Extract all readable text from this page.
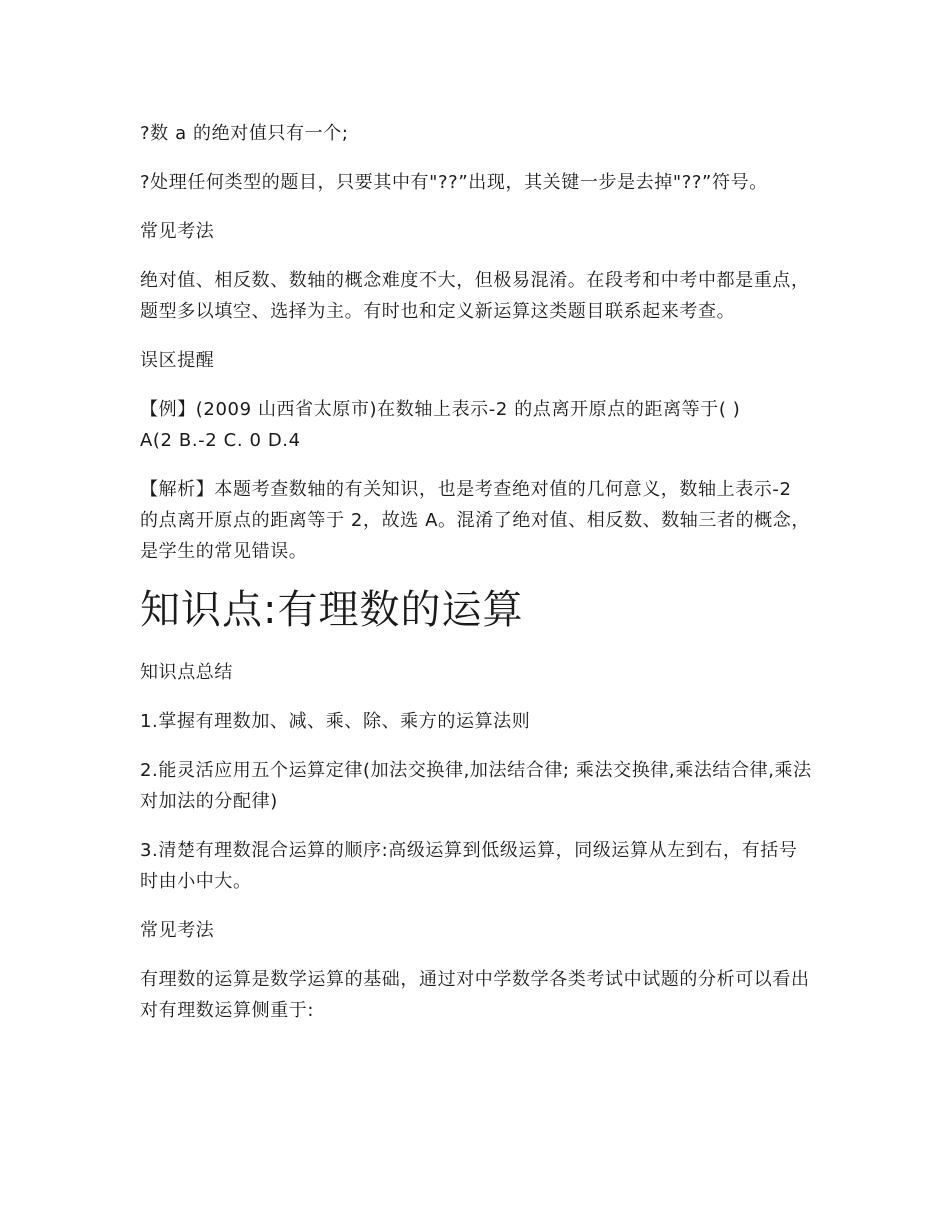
?数 a 的绝对值只有一个;

?处理任何类型的题目，只要其中有"??”出现，其关键一步是去掉"??”符号。

常见考法

绝对值、相反数、数轴的概念难度不大，但极易混淆。在段考和中考中都是重点，题型多以填空、选择为主。有时也和定义新运算这类题目联系起来考查。

误区提醒

【例】(2009 山西省太原市)在数轴上表示-2 的点离开原点的距离等于( )
A(2 B.-2 C. 0 D.4

【解析】本题考查数轴的有关知识，也是考查绝对值的几何意义，数轴上表示-2 的点离开原点的距离等于 2，故选 A。混淆了绝对值、相反数、数轴三者的概念，是学生的常见错误。

知识点:有理数的运算

知识点总结

1.掌握有理数加、减、乘、除、乘方的运算法则

2.能灵活应用五个运算定律(加法交换律,加法结合律; 乘法交换律,乘法结合律,乘法对加法的分配律)

3.清楚有理数混合运算的顺序:高级运算到低级运算，同级运算从左到右，有括号时由小中大。

常见考法

有理数的运算是数学运算的基础，通过对中学数学各类考试中试题的分析可以看出对有理数运算侧重于:
